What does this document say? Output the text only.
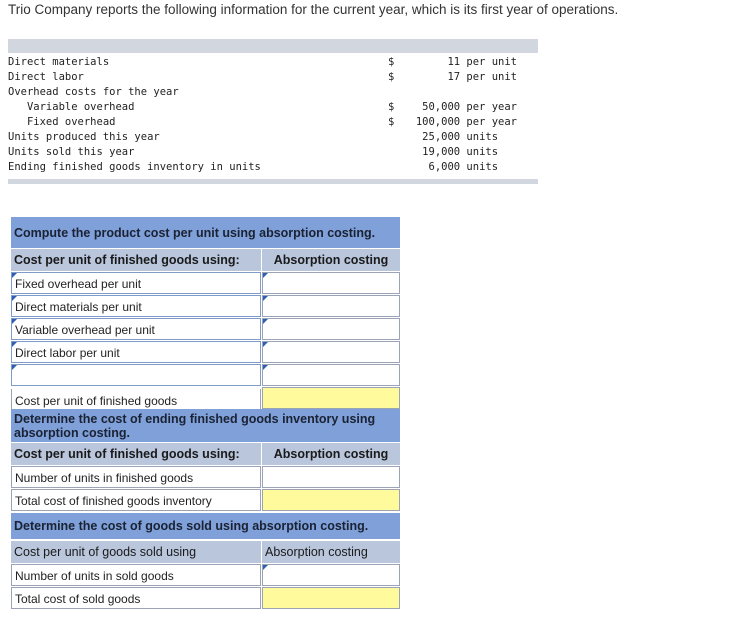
Trio Company reports the following information for the current year, which is its first year of operations.
Direct materials	$	11 per unit
Direct labor	$	17 per unit
Overhead costs for the year
Variable overhead	$	50,000 per year
Fixed overhead	$	100,000 per year
Units produced this year	25,000 units
Units sold this year	19,000 units
Ending finished goods inventory in units	6,000 units
Compute the product cost per unit using absorption costing.
Cost per unit of finished goods using:	Absorption costing
Fixed overhead per unit
Direct materials per unit
Variable overhead per unit
Direct labor per unit
Cost per unit of finished goods
Determine the cost of ending finished goods inventory using absorption costing.
Cost per unit of finished goods using:	Absorption costing
Number of units in finished goods
Total cost of finished goods inventory
Determine the cost of goods sold using absorption costing.
Cost per unit of goods sold using	Absorption costing
Number of units in sold goods
Total cost of sold goods
